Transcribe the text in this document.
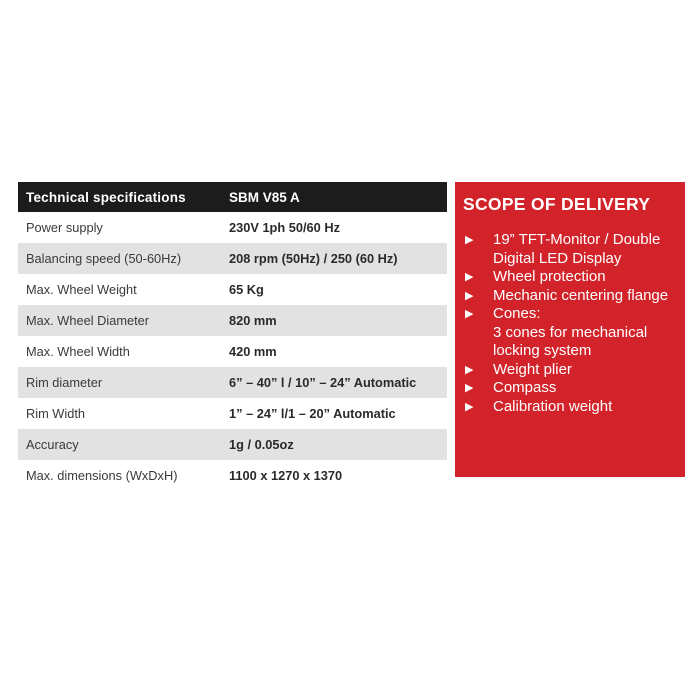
Technical specifications	SBM V85 A
Power supply	230V 1ph 50/60 Hz
Balancing speed (50-60Hz)	208 rpm (50Hz) / 250 (60 Hz)
Max. Wheel Weight	65 Kg
Max. Wheel Diameter	820 mm
Max. Wheel Width	420 mm
Rim diameter	6” – 40” l / 10” – 24” Automatic
Rim Width	1” – 24” l/1 – 20” Automatic
Accuracy	1g / 0.05oz
Max. dimensions (WxDxH)	1100 x 1270 x 1370
SCOPE OF DELIVERY
▶	19” TFT-Monitor / Double Digital LED Display
▶	Wheel protection
▶	Mechanic centering flange
▶	Cones:
3 cones for mechanical locking system
▶	Weight plier
▶	Compass
▶	Calibration weight
